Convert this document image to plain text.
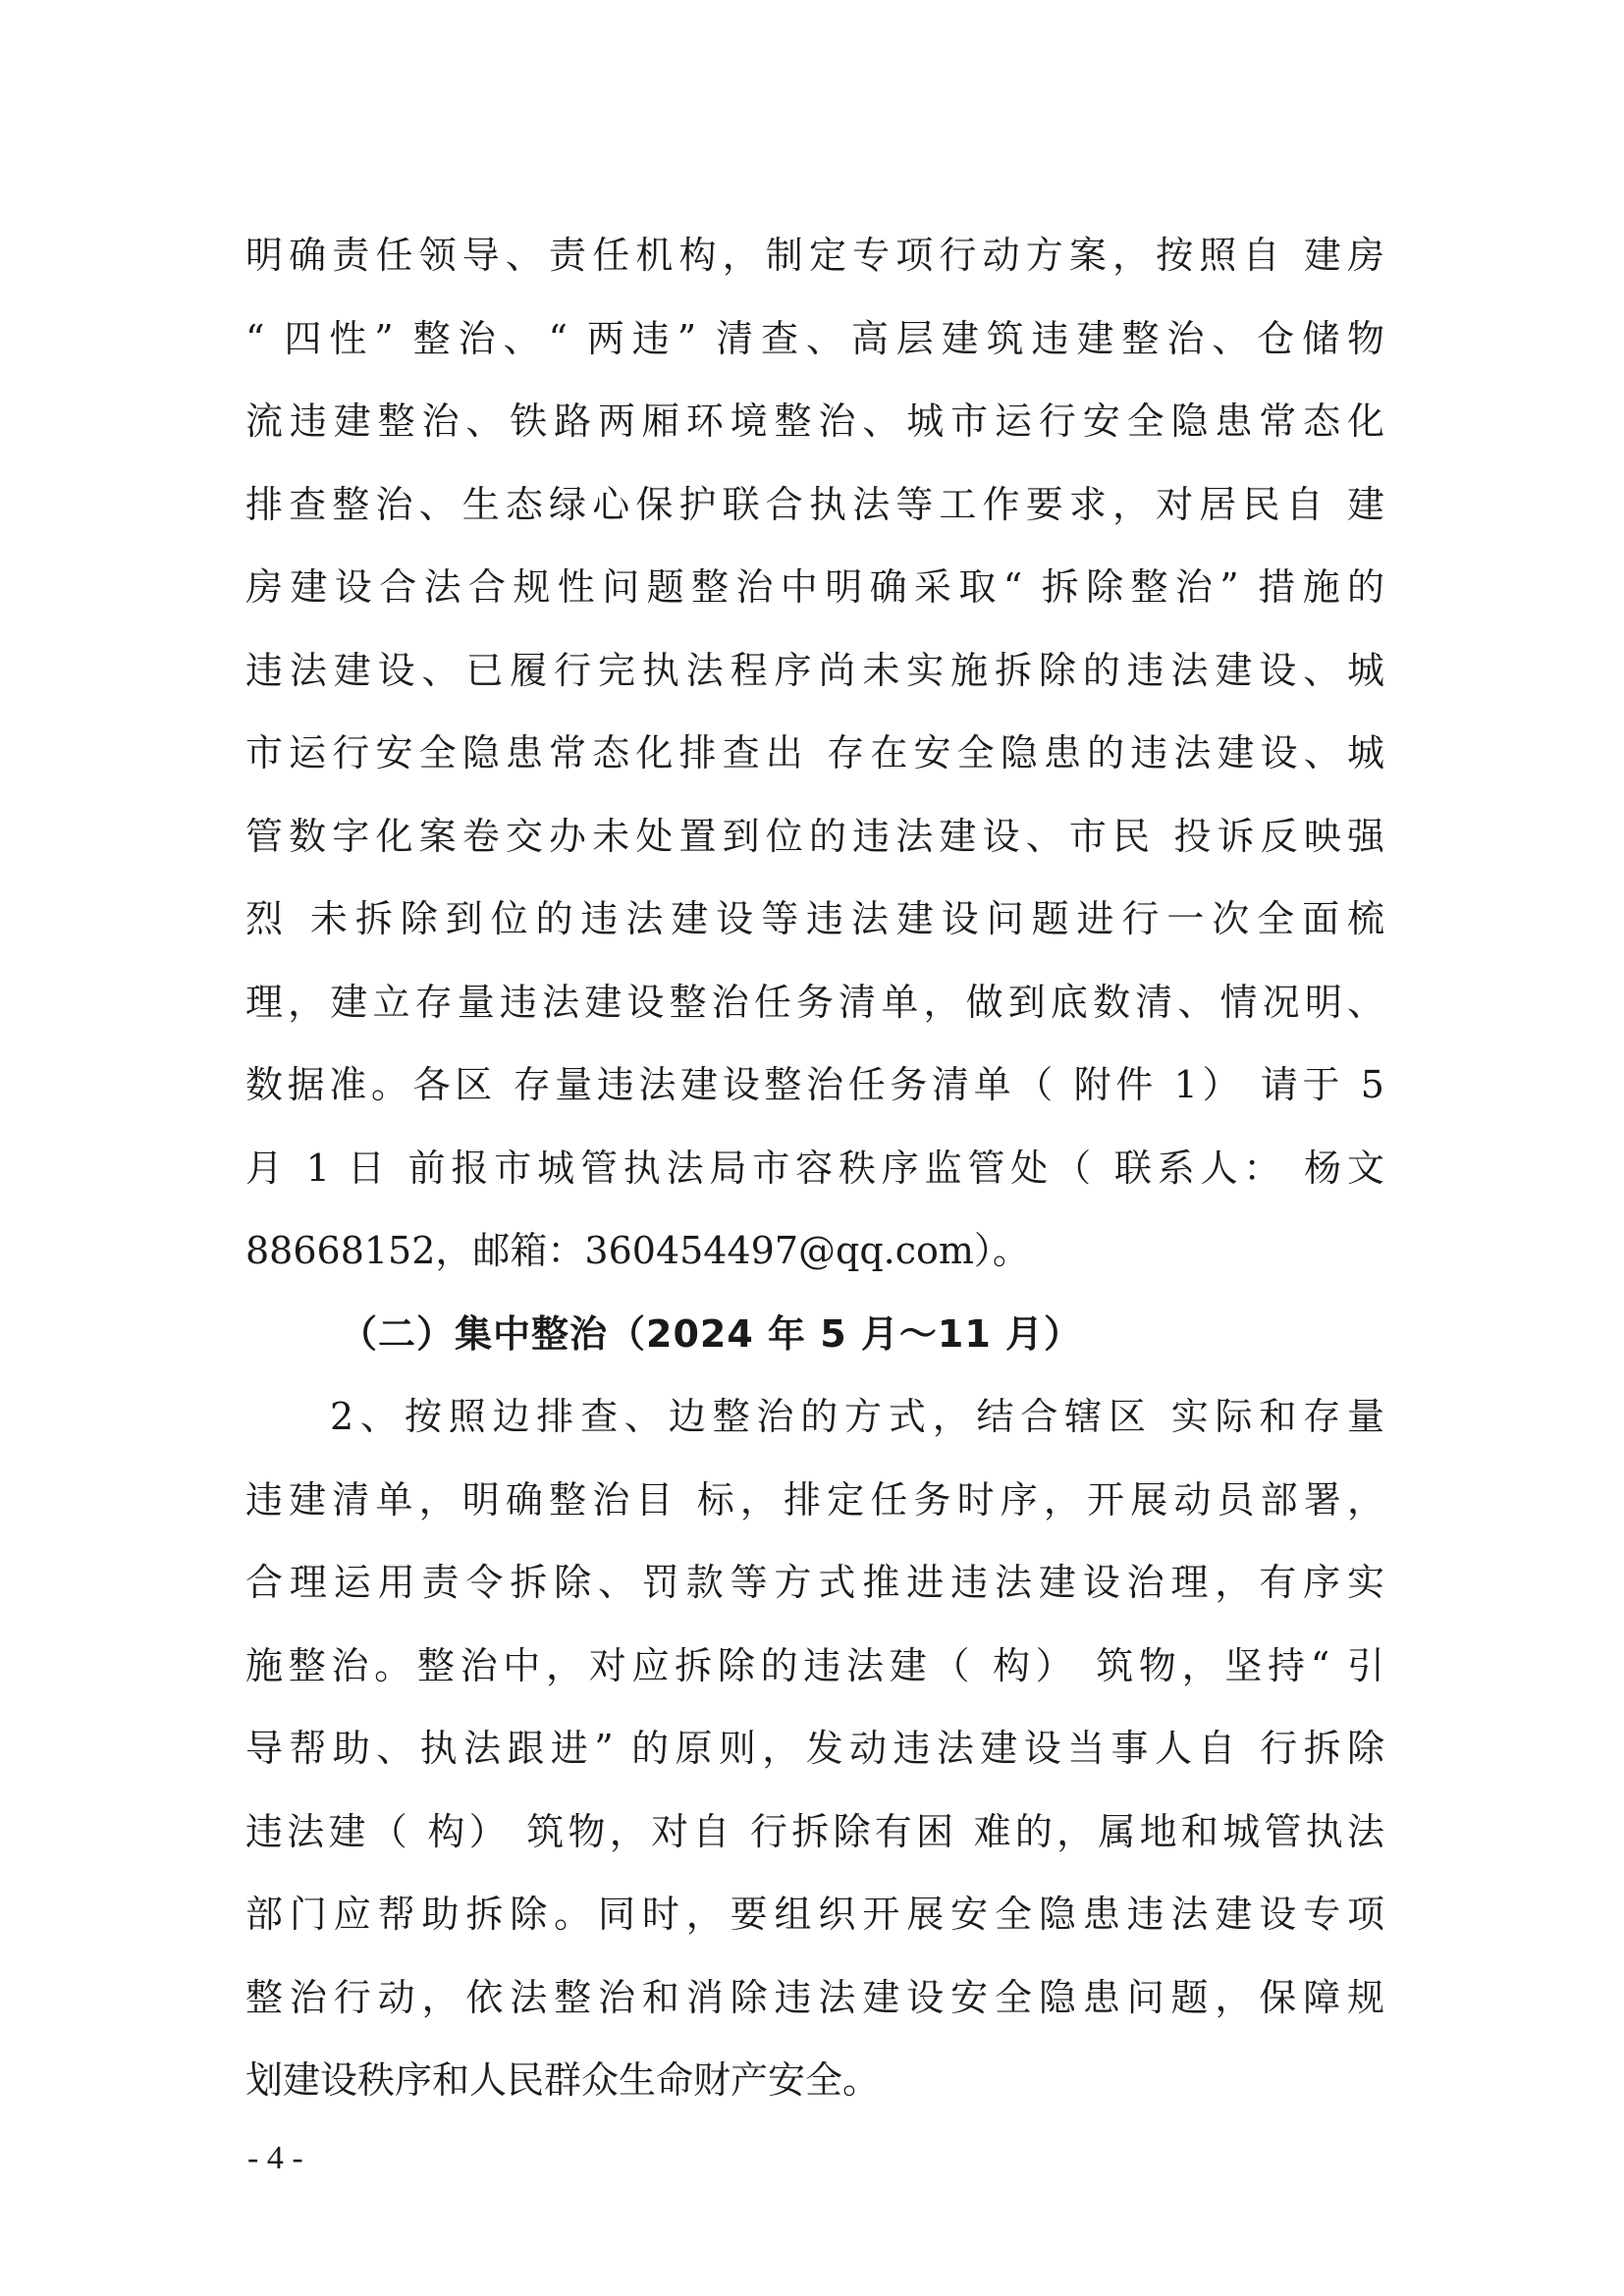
明确责任领导、责任机构，制定专项行动方案，按照自 建房
“ 四性” 整治、“ 两违” 清查、高层建筑违建整治、仓储物
流违建整治、铁路两厢环境整治、城市运行安全隐患常态化
排查整治、生态绿心保护联合执法等工作要求，对居民自 建
房建设合法合规性问题整治中明确采取“ 拆除整治” 措施的
违法建设、已履行完执法程序尚未实施拆除的违法建设、城
市运行安全隐患常态化排查出 存在安全隐患的违法建设、城
管数字化案卷交办未处置到位的违法建设、市民 投诉反映强
烈 未拆除到位的违法建设等违法建设问题进行一次全面梳
理，建立存量违法建设整治任务清单，做到底数清、情况明、
数据准。各区 存量违法建设整治任务清单（ 附件 1） 请于 5
月 1 日 前报市城管执法局市容秩序监管处（ 联系人： 杨文
88668152，邮箱：360454497@qq.com）。
（二）集中整治（2024 年 5 月～11 月）
2、按照边排查、边整治的方式，结合辖区 实际和存量
违建清单，明确整治目 标，排定任务时序，开展动员部署，
合理运用责令拆除、罚款等方式推进违法建设治理，有序实
施整治。整治中，对应拆除的违法建（ 构） 筑物，坚持“ 引
导帮助、执法跟进” 的原则，发动违法建设当事人自 行拆除
违法建（ 构） 筑物，对自 行拆除有困 难的，属地和城管执法
部门应帮助拆除。同时，要组织开展安全隐患违法建设专项
整治行动，依法整治和消除违法建设安全隐患问题，保障规
划建设秩序和人民群众生命财产安全。
- 4 -
